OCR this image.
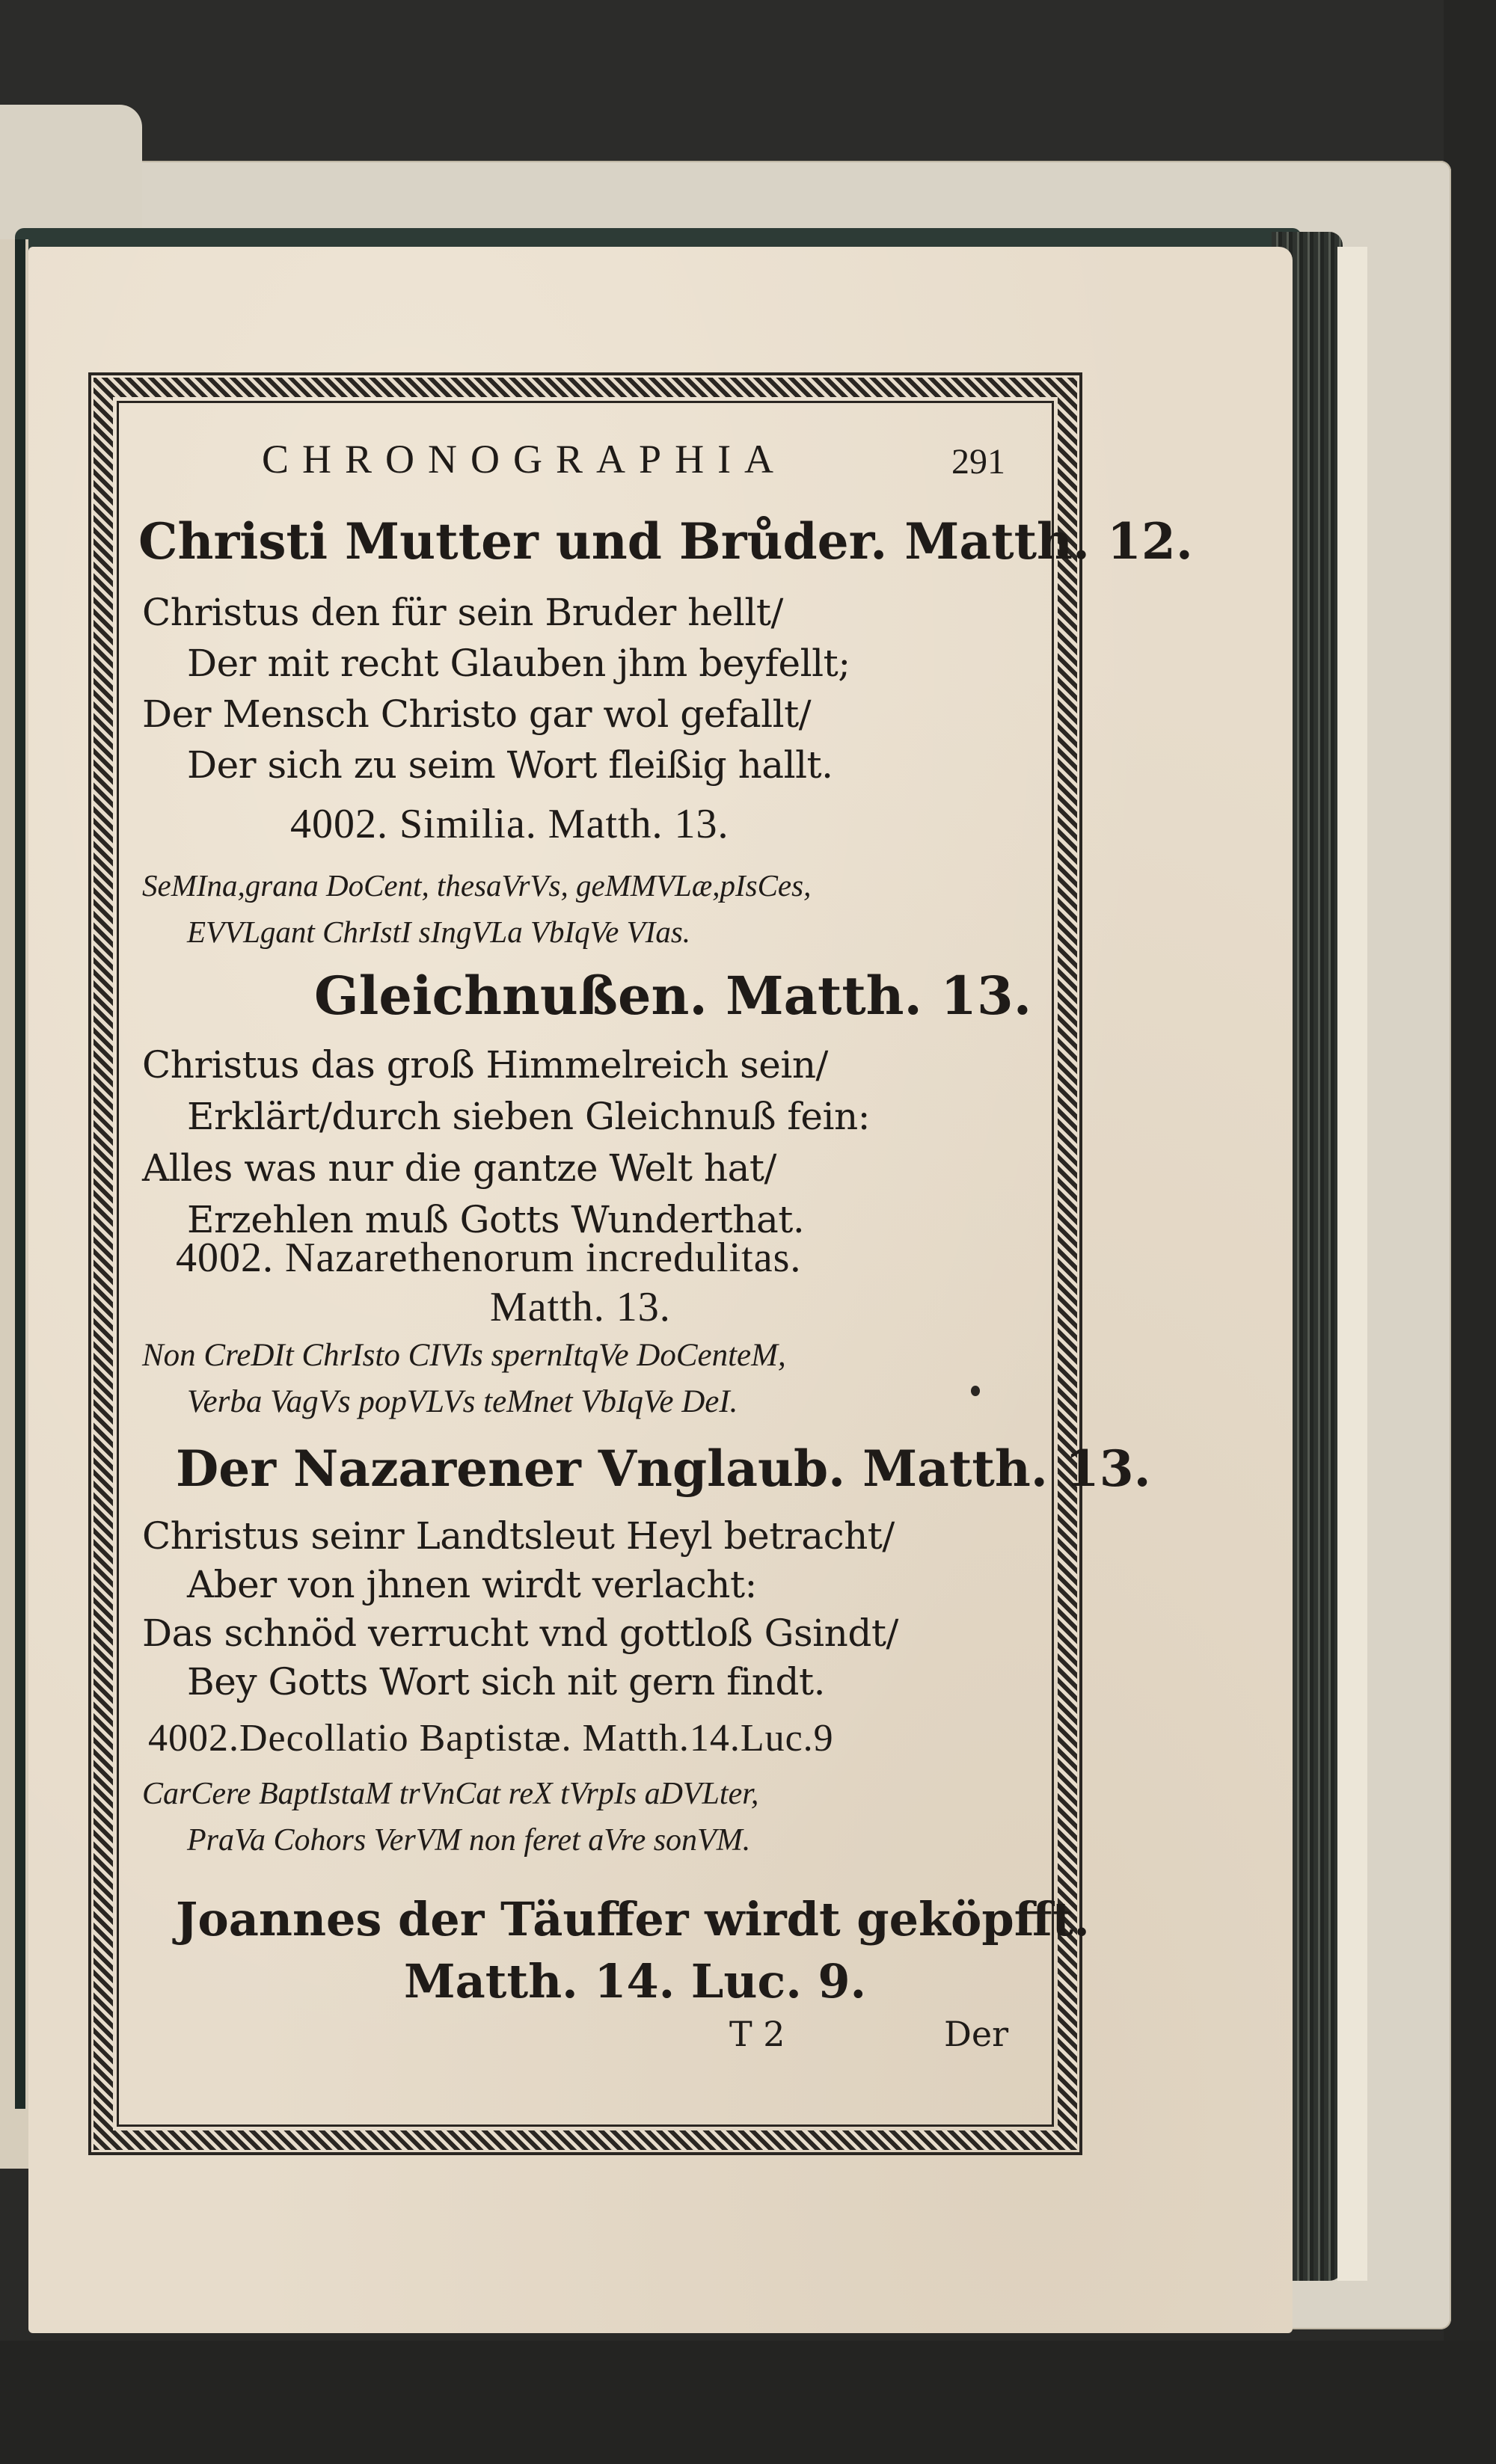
CHRONOGRAPHIA	291
Christi Mutter und Brůder. Matth. 12.
Christus den für sein Bruder hellt/
Der mit recht Glauben jhm beyfellt;
Der Mensch Christo gar wol gefallt/
Der sich zu seim Wort fleißig hallt.
4002. Similia. Matth. 13.
SeMIna,grana DoCent, thesaVrVs, geMMVLæ,pIsCes,
EVVLgant ChrIstI sIngVLa VbIqVe VIas.
Gleichnußen. Matth. 13.
Christus das groß Himmelreich sein/
Erklärt/durch sieben Gleichnuß fein:
Alles was nur die gantze Welt hat/
Erzehlen muß Gotts Wunderthat.
4002. Nazarethenorum incredulitas.
Matth. 13.
Non CreDIt ChrIsto CIVIs spernItqVe DoCenteM,
Verba VagVs popVLVs teMnet VbIqVe DeI.
Der Nazarener Vnglaub. Matth. 13.
Christus seinr Landtsleut Heyl betracht/
Aber von jhnen wirdt verlacht:
Das schnöd verrucht vnd gottloß Gsindt/
Bey Gotts Wort sich nit gern findt.
4002.Decollatio Baptistæ. Matth.14.Luc.9
CarCere BaptIstaM trVnCat reX tVrpIs aDVLter,
PraVa Cohors VerVM non feret aVre sonVM.
Joannes der Täuffer wirdt geköpfft.
Matth. 14. Luc. 9.
T 2	Der
